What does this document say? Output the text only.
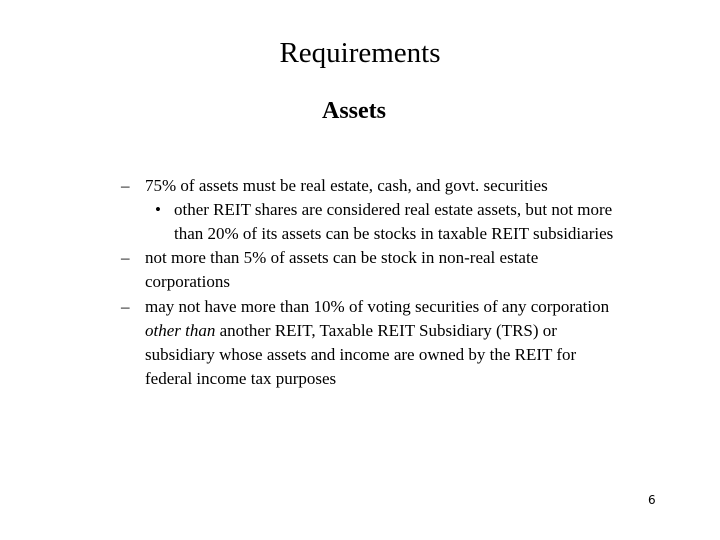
Requirements
Assets
– 75% of assets must be real estate, cash, and govt. securities
• other REIT shares are considered real estate assets, but not more than 20% of its assets can be stocks in taxable REIT subsidiaries
– not more than 5% of assets can be stock in non-real estate corporations
– may not have more than 10% of voting securities of any corporation other than another REIT, Taxable REIT Subsidiary (TRS) or subsidiary whose assets and income are owned by the REIT for federal income tax purposes
6
